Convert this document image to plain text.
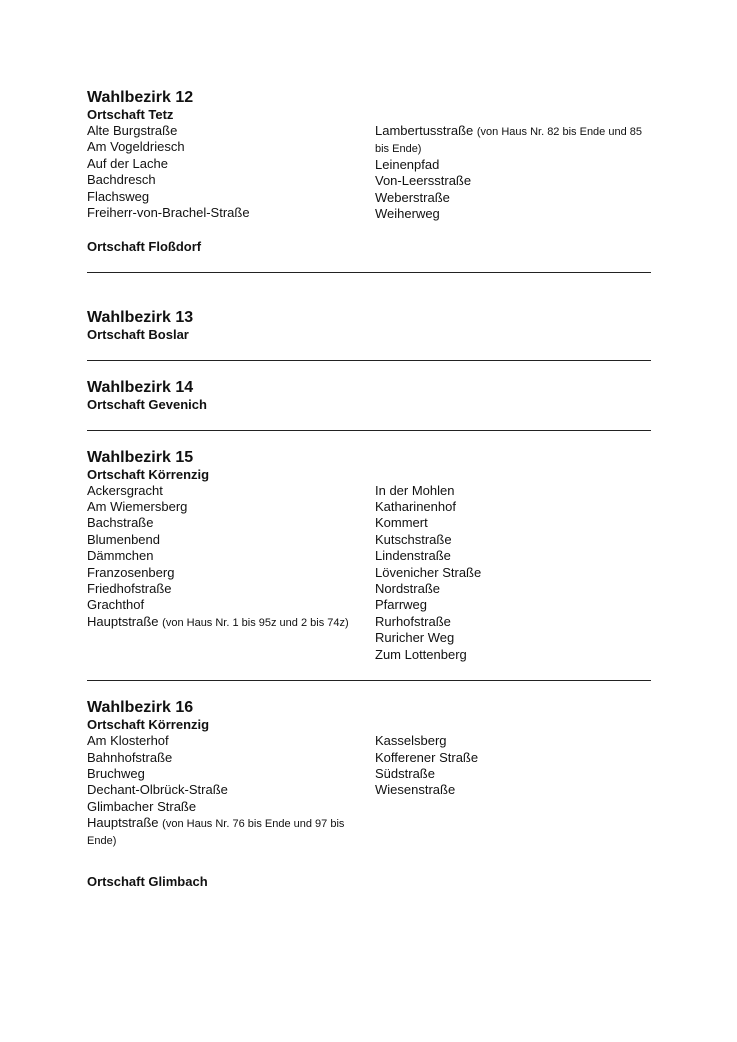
Wahlbezirk 12
Ortschaft Tetz
Alte Burgstraße
Am Vogeldriesch
Auf der Lache
Bachdresch
Flachsweg
Freiherr-von-Brachel-Straße
Lambertusstraße (von Haus Nr. 82 bis Ende und 85 bis Ende)
Leinenpfad
Von-Leersstraße
Weberstraße
Weiherweg
Ortschaft Floßdorf
Wahlbezirk 13
Ortschaft Boslar
Wahlbezirk 14
Ortschaft Gevenich
Wahlbezirk 15
Ortschaft Körrenzig
Ackersgracht
Am Wiemersberg
Bachstraße
Blumenbend
Dämmchen
Franzosenberg
Friedhofstraße
Grachthof
Hauptstraße (von Haus Nr. 1 bis 95z und 2 bis 74z)
In der Mohlen
Katharinenhof
Kommert
Kutschstraße
Lindenstraße
Lövenicher Straße
Nordstraße
Pfarrweg
Rurhofstraße
Ruricher Weg
Zum Lottenberg
Wahlbezirk 16
Ortschaft Körrenzig
Am Klosterhof
Bahnhofstraße
Bruchweg
Dechant-Olbrück-Straße
Glimbacher Straße
Hauptstraße (von Haus Nr. 76 bis Ende und 97 bis Ende)
Kasselsberg
Kofferener Straße
Südstraße
Wiesenstraße
Ortschaft Glimbach
